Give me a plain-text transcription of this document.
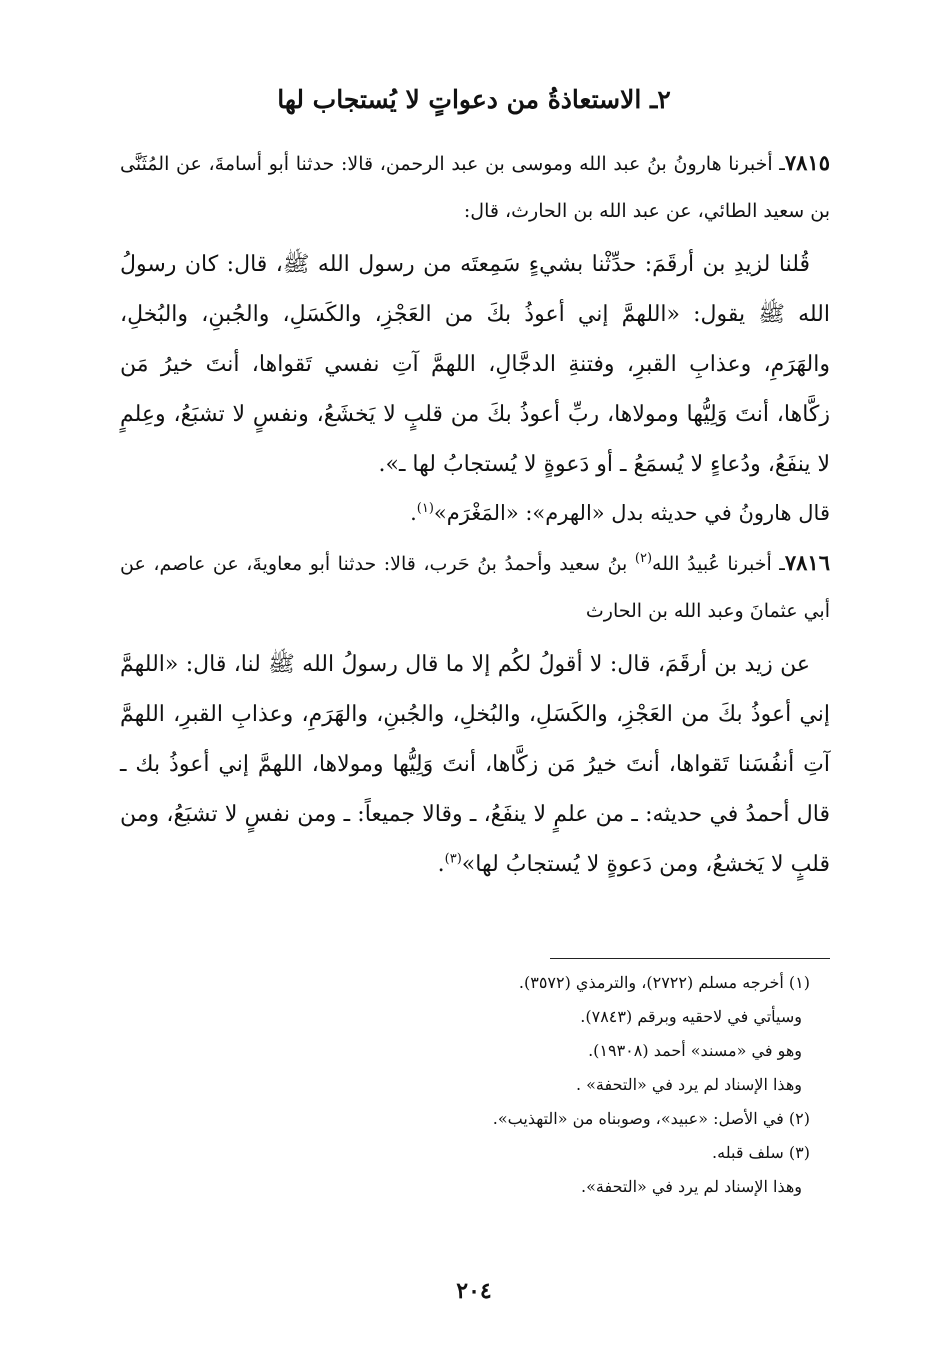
٢ـ الاستعاذةُ من دعواتٍ لا يُستجاب لها

٧٨١٥ـ أخبرنا هارونُ بنُ عبد الله وموسى بن عبد الرحمن، قالا: حدثنا أبو أسامةَ، عن المُثَنَّى بن سعيد الطائي، عن عبد الله بن الحارث، قال:

قُلنا لزيدِ بن أرقَمَ: حدِّثْنا بشيءٍ سَمِعتَه من رسول الله ﷺ، قال: كان رسولُ الله ﷺ يقول: «اللهمَّ إني أعوذُ بكَ من العَجْزِ، والكَسَلِ، والجُبنِ، والبُخلِ، والهَرَمِ، وعذابِ القبرِ، وفتنةِ الدجَّالِ، اللهمَّ آتِ نفسي تَقواها، أنتَ خيرُ مَن زكَّاها، أنتَ وَلِيُّها ومولاها، ربِّ أعوذُ بكَ من قلبٍ لا يَخشَعُ، ونفسٍ لا تشبَعُ، وعِلمٍ لا ينفَعُ، ودُعاءٍ لا يُسمَعُ ـ أو دَعوةٍ لا يُستجابُ لها ـ».

قال هارونُ في حديثه بدل «الهرم»: «المَغْرَم»$^{(١)}$.

٧٨١٦ـ أخبرنا عُبيدُ الله$^{(٢)}$ بنُ سعيد وأحمدُ بنُ حَرب، قالا: حدثنا أبو معاويةَ، عن عاصم، عن أبي عثمانَ وعبد الله بن الحارث

عن زيد بن أرقَمَ، قال: لا أقولُ لكُم إلا ما قال رسولُ الله ﷺ لنا، قال: «اللهمَّ إني أعوذُ بكَ من العَجْزِ، والكَسَلِ، والبُخلِ، والجُبنِ، والهَرَمِ، وعذابِ القبرِ، اللهمَّ آتِ أنفُسَنا تَقواها، أنتَ خيرُ مَن زكَّاها، أنتَ وَلِيُّها ومولاها، اللهمَّ إني أعوذُ بك ـ قال أحمدُ في حديثه: ـ من علمٍ لا ينفَعُ، ـ وقالا جميعاً: ـ ومن نفسٍ لا تشبَعُ، ومن قلبٍ لا يَخشعُ، ومن دَعوةٍ لا يُستجابُ لها»$^{(٣)}$.

(١) أخرجه مسلم (٢٧٢٢)، والترمذي (٣٥٧٢).

وسيأتي في لاحقيه وبرقم (٧٨٤٣).

وهو في «مسند» أحمد (١٩٣٠٨).

وهذا الإسناد لم يرد في «التحفة» .

(٢) في الأصل: «عبيد»، وصوبناه من «التهذيب».

(٣) سلف قبله.

وهذا الإسناد لم يرد في «التحفة».

٢٠٤
